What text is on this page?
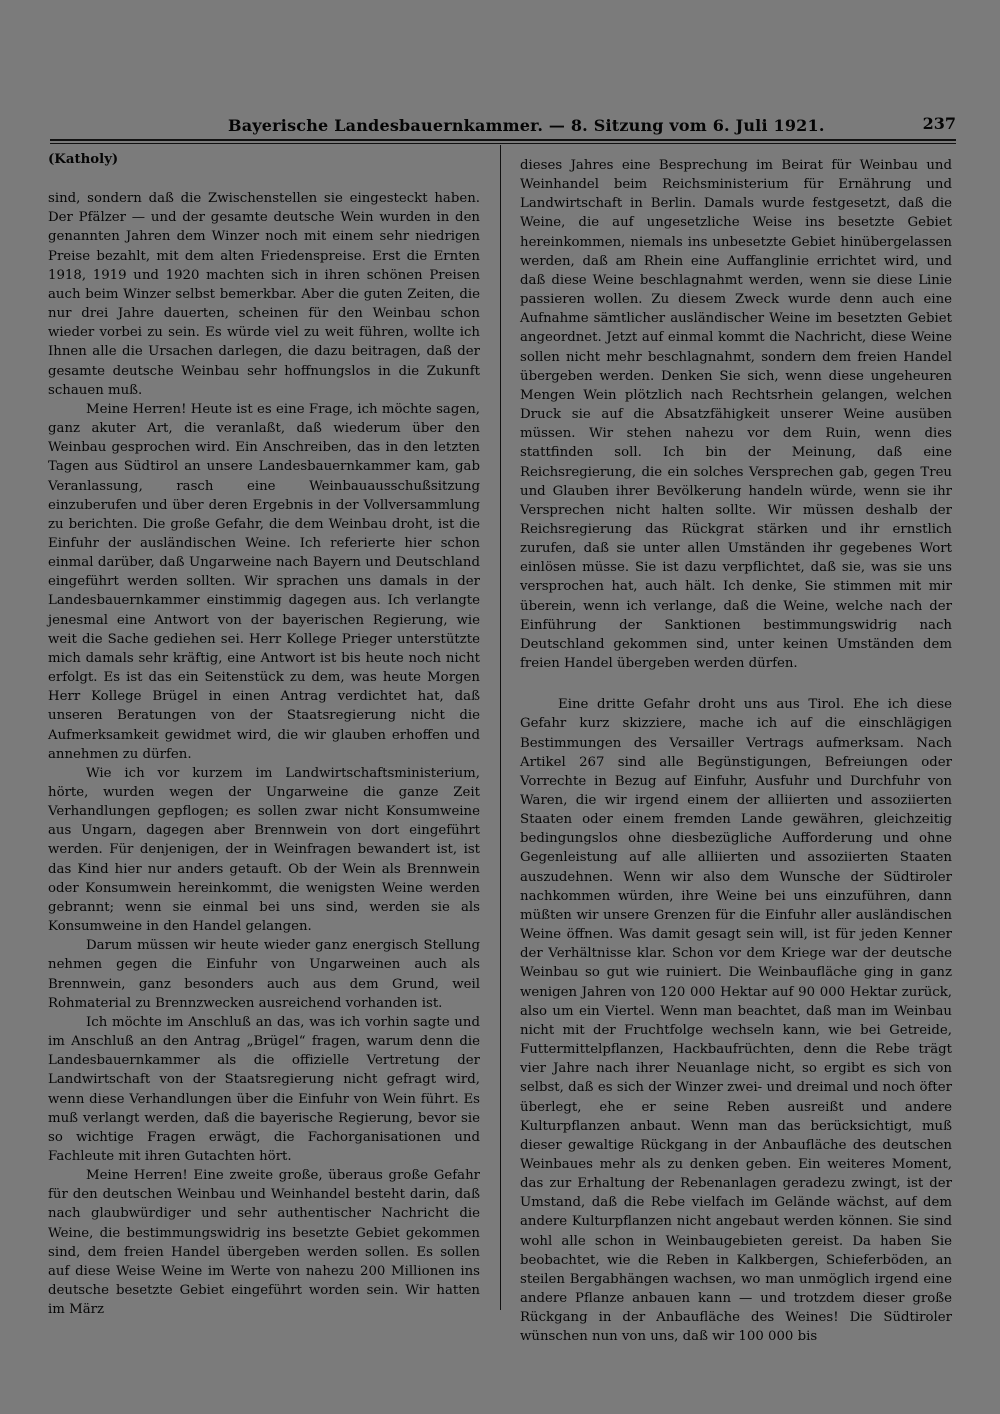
Bayerische Landesbauernkammer. — 8. Sitzung vom 6. Juli 1921.	237

(Katholy)

sind, sondern daß die Zwischenstellen sie eingesteckt haben. Der Pfälzer — und der gesamte deutsche Wein wurden in den genannten Jahren dem Winzer noch mit einem sehr niedrigen Preise bezahlt, mit dem alten Friedenspreise. Erst die Ernten 1918, 1919 und 1920 machten sich in ihren schönen Preisen auch beim Winzer selbst bemerkbar. Aber die guten Zeiten, die nur drei Jahre dauerten, scheinen für den Weinbau schon wieder vorbei zu sein. Es würde viel zu weit führen, wollte ich Ihnen alle die Ursachen darlegen, die dazu beitragen, daß der gesamte deutsche Weinbau sehr hoffnungslos in die Zukunft schauen muß.

Meine Herren! Heute ist es eine Frage, ich möchte sagen, ganz akuter Art, die veranlaßt, daß wiederum über den Weinbau gesprochen wird. Ein Anschreiben, das in den letzten Tagen aus Südtirol an unsere Landesbauernkammer kam, gab Veranlassung, rasch eine Weinbauausschußsitzung einzuberufen und über deren Ergebnis in der Vollversammlung zu berichten. Die große Gefahr, die dem Weinbau droht, ist die Einfuhr der ausländischen Weine. Ich referierte hier schon einmal darüber, daß Ungarweine nach Bayern und Deutschland eingeführt werden sollten. Wir sprachen uns damals in der Landesbauernkammer einstimmig dagegen aus. Ich verlangte jenesmal eine Antwort von der bayerischen Regierung, wie weit die Sache gediehen sei. Herr Kollege Prieger unterstützte mich damals sehr kräftig, eine Antwort ist bis heute noch nicht erfolgt. Es ist das ein Seitenstück zu dem, was heute Morgen Herr Kollege Brügel in einen Antrag verdichtet hat, daß unseren Beratungen von der Staatsregierung nicht die Aufmerksamkeit gewidmet wird, die wir glauben erhoffen und annehmen zu dürfen.

Wie ich vor kurzem im Landwirtschaftsministerium, hörte, wurden wegen der Ungarweine die ganze Zeit Verhandlungen gepflogen; es sollen zwar nicht Konsumweine aus Ungarn, dagegen aber Brennwein von dort eingeführt werden. Für denjenigen, der in Weinfragen bewandert ist, ist das Kind hier nur anders getauft. Ob der Wein als Brennwein oder Konsumwein hereinkommt, die wenigsten Weine werden gebrannt; wenn sie einmal bei uns sind, werden sie als Konsumweine in den Handel gelangen.

Darum müssen wir heute wieder ganz energisch Stellung nehmen gegen die Einfuhr von Ungarweinen auch als Brennwein, ganz besonders auch aus dem Grund, weil Rohmaterial zu Brennzwecken ausreichend vorhanden ist.

Ich möchte im Anschluß an das, was ich vorhin sagte und im Anschluß an den Antrag „Brügel“ fragen, warum denn die Landesbauernkammer als die offizielle Vertretung der Landwirtschaft von der Staatsregierung nicht gefragt wird, wenn diese Verhandlungen über die Einfuhr von Wein führt. Es muß verlangt werden, daß die bayerische Regierung, bevor sie so wichtige Fragen erwägt, die Fachorganisationen und Fachleute mit ihren Gutachten hört.

Meine Herren! Eine zweite große, überaus große Gefahr für den deutschen Weinbau und Weinhandel besteht darin, daß nach glaubwürdiger und sehr authentischer Nachricht die Weine, die bestimmungswidrig ins besetzte Gebiet gekommen sind, dem freien Handel übergeben werden sollen. Es sollen auf diese Weise Weine im Werte von nahezu 200 Millionen ins deutsche besetzte Gebiet eingeführt worden sein. Wir hatten im März

dieses Jahres eine Besprechung im Beirat für Weinbau und Weinhandel beim Reichsministerium für Ernährung und Landwirtschaft in Berlin. Damals wurde festgesetzt, daß die Weine, die auf ungesetzliche Weise ins besetzte Gebiet hereinkommen, niemals ins unbesetzte Gebiet hinübergelassen werden, daß am Rhein eine Auffanglinie errichtet wird, und daß diese Weine beschlagnahmt werden, wenn sie diese Linie passieren wollen. Zu diesem Zweck wurde denn auch eine Aufnahme sämtlicher ausländischer Weine im besetzten Gebiet angeordnet. Jetzt auf einmal kommt die Nachricht, diese Weine sollen nicht mehr beschlagnahmt, sondern dem freien Handel übergeben werden. Denken Sie sich, wenn diese ungeheuren Mengen Wein plötzlich nach Rechtsrhein gelangen, welchen Druck sie auf die Absatzfähigkeit unserer Weine ausüben müssen. Wir stehen nahezu vor dem Ruin, wenn dies stattfinden soll. Ich bin der Meinung, daß eine Reichsregierung, die ein solches Versprechen gab, gegen Treu und Glauben ihrer Bevölkerung handeln würde, wenn sie ihr Versprechen nicht halten sollte. Wir müssen deshalb der Reichsregierung das Rückgrat stärken und ihr ernstlich zurufen, daß sie unter allen Umständen ihr gegebenes Wort einlösen müsse. Sie ist dazu verpflichtet, daß sie, was sie uns versprochen hat, auch hält. Ich denke, Sie stimmen mit mir überein, wenn ich verlange, daß die Weine, welche nach der Einführung der Sanktionen bestimmungswidrig nach Deutschland gekommen sind, unter keinen Umständen dem freien Handel übergeben werden dürfen.

Eine dritte Gefahr droht uns aus Tirol. Ehe ich diese Gefahr kurz skizziere, mache ich auf die einschlägigen Bestimmungen des Versailler Vertrags aufmerksam. Nach Artikel 267 sind alle Begünstigungen, Befreiungen oder Vorrechte in Bezug auf Einfuhr, Ausfuhr und Durchfuhr von Waren, die wir irgend einem der alliierten und assoziierten Staaten oder einem fremden Lande gewähren, gleichzeitig bedingungslos ohne diesbezügliche Aufforderung und ohne Gegenleistung auf alle alliierten und assoziierten Staaten auszudehnen. Wenn wir also dem Wunsche der Südtiroler nachkommen würden, ihre Weine bei uns einzuführen, dann müßten wir unsere Grenzen für die Einfuhr aller ausländischen Weine öffnen. Was damit gesagt sein will, ist für jeden Kenner der Verhältnisse klar. Schon vor dem Kriege war der deutsche Weinbau so gut wie ruiniert. Die Weinbaufläche ging in ganz wenigen Jahren von 120 000 Hektar auf 90 000 Hektar zurück, also um ein Viertel. Wenn man beachtet, daß man im Weinbau nicht mit der Fruchtfolge wechseln kann, wie bei Getreide, Futtermittelpflanzen, Hackbaufrüchten, denn die Rebe trägt vier Jahre nach ihrer Neuanlage nicht, so ergibt es sich von selbst, daß es sich der Winzer zwei- und dreimal und noch öfter überlegt, ehe er seine Reben ausreißt und andere Kulturpflanzen anbaut. Wenn man das berücksichtigt, muß dieser gewaltige Rückgang in der Anbaufläche des deutschen Weinbaues mehr als zu denken geben. Ein weiteres Moment, das zur Erhaltung der Rebenanlagen geradezu zwingt, ist der Umstand, daß die Rebe vielfach im Gelände wächst, auf dem andere Kulturpflanzen nicht angebaut werden können. Sie sind wohl alle schon in Weinbaugebieten gereist. Da haben Sie beobachtet, wie die Reben in Kalkbergen, Schieferböden, an steilen Bergabhängen wachsen, wo man unmöglich irgend eine andere Pflanze anbauen kann — und trotzdem dieser große Rückgang in der Anbaufläche des Weines! Die Südtiroler wünschen nun von uns, daß wir 100 000 bis
